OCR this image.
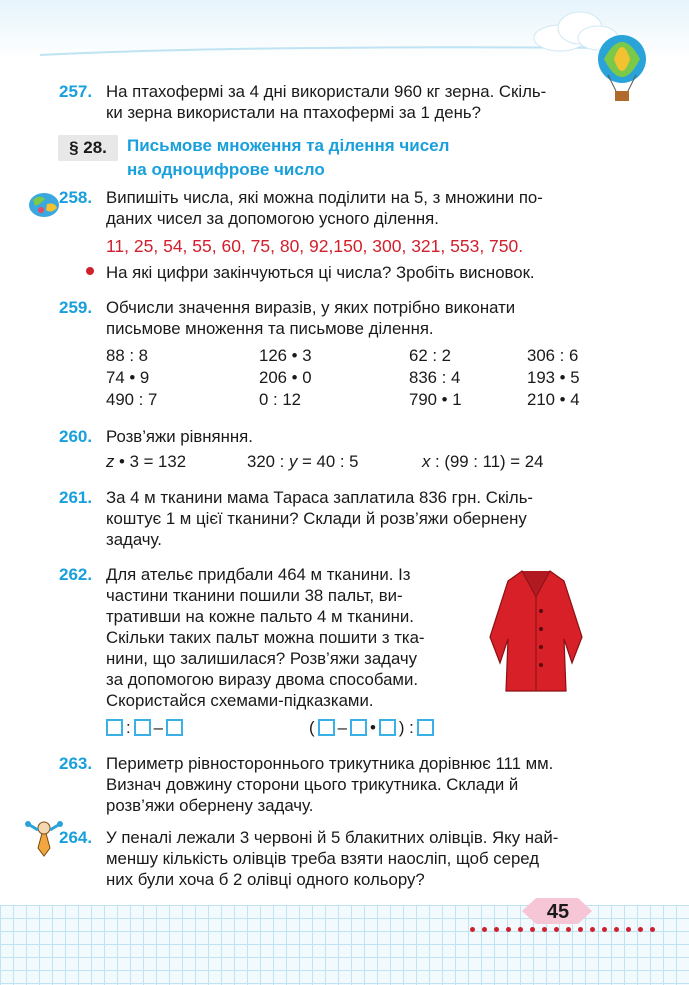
257. На птахофермі за 4 дні використали 960 кг зерна. Скіль-
ки зерна використали на птахофермі за 1 день?
§ 28.	Письмове множення та ділення чисел
на одноцифрове число
258. Випишіть числа, які можна поділити на 5, з множини по-
даних чисел за допомогою усного ділення.
11, 25, 54, 55, 60, 75, 80, 92,150, 300, 321, 553, 750.
На які цифри закінчуються ці числа? Зробіть висновок.
259. Обчисли значення виразів, у яких потрібно виконати
письмове множення та письмове ділення.
88 : 8	126 • 3	62 : 2	306 : 6
74 • 9	206 • 0	836 : 4	193 • 5
490 : 7	0 : 12	790 • 1	210 • 4
260. Розв’яжи рівняння.
z • 3 = 132	320 : y = 40 : 5	x : (99 : 11) = 24
261. За 4 м тканини мама Тараса заплатила 836 грн. Скіль-
коштує 1 м цієї тканини? Склади й розв’яжи обернену
задачу.
262. Для ательє придбали 464 м тканини. Із
частини тканини пошили 38 пальт, ви-
тративши на кожне пальто 4 м тканини.
Скільки таких пальт можна пошити з тка-
нини, що залишилася? Розв’яжи задачу
за допомогою виразу двома способами.
Скористайся схемами-підказками.
: –	( – • ) :
263. Периметр рівностороннього трикутника дорівнює 111 мм.
Визнач довжину сторони цього трикутника. Склади й
розв’яжи обернену задачу.
264. У пеналі лежали 3 червоні й 5 блакитних олівців. Яку най-
меншу кількість олівців треба взяти наосліп, щоб серед
них були хоча б 2 олівці одного кольору?
45
